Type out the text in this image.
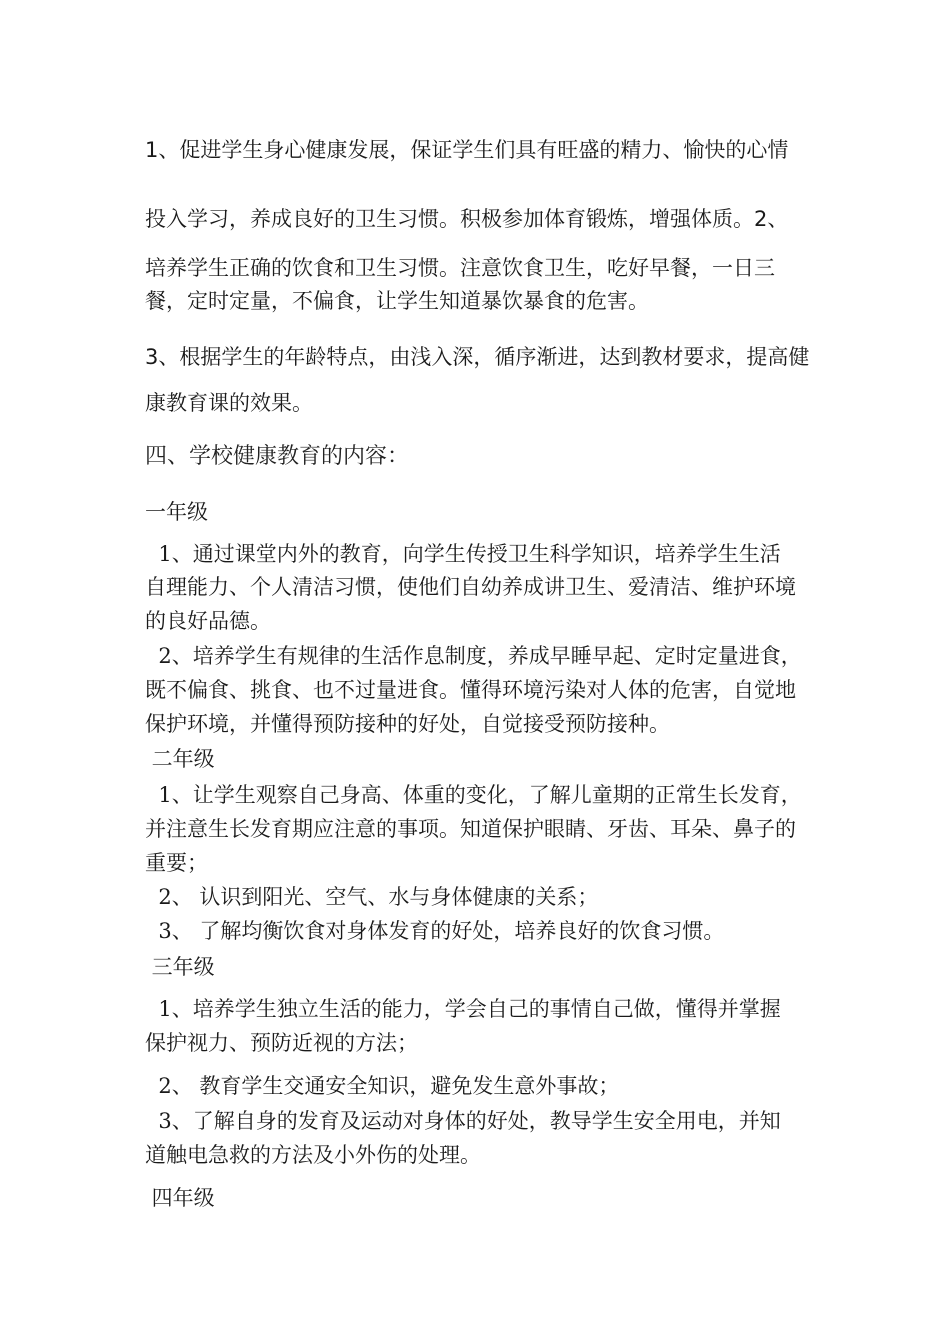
1、促进学生身心健康发展，保证学生们具有旺盛的精力、愉快的心情
投入学习，养成良好的卫生习惯。积极参加体育锻炼，增强体质。2、
培养学生正确的饮食和卫生习惯。注意饮食卫生，吃好早餐，一日三
餐，定时定量，不偏食，让学生知道暴饮暴食的危害。
3、根据学生的年龄特点，由浅入深，循序渐进，达到教材要求，提高健
康教育课的效果。
四、学校健康教育的内容：
一年级
1、通过课堂内外的教育，向学生传授卫生科学知识，培养学生生活
自理能力、个人清洁习惯，使他们自幼养成讲卫生、爱清洁、维护环境
的良好品德。
2、培养学生有规律的生活作息制度，养成早睡早起、定时定量进食，
既不偏食、挑食、也不过量进食。懂得环境污染对人体的危害，自觉地
保护环境，并懂得预防接种的好处，自觉接受预防接种。
二年级
1、让学生观察自己身高、体重的变化，了解儿童期的正常生长发育，
并注意生长发育期应注意的事项。知道保护眼睛、牙齿、耳朵、鼻子的
重要；
2、 认识到阳光、空气、水与身体健康的关系；
3、 了解均衡饮食对身体发育的好处，培养良好的饮食习惯。
三年级
1、培养学生独立生活的能力，学会自己的事情自己做，懂得并掌握
保护视力、预防近视的方法；
2、 教育学生交通安全知识，避免发生意外事故；
3、了解自身的发育及运动对身体的好处，教导学生安全用电，并知
道触电急救的方法及小外伤的处理。
四年级
